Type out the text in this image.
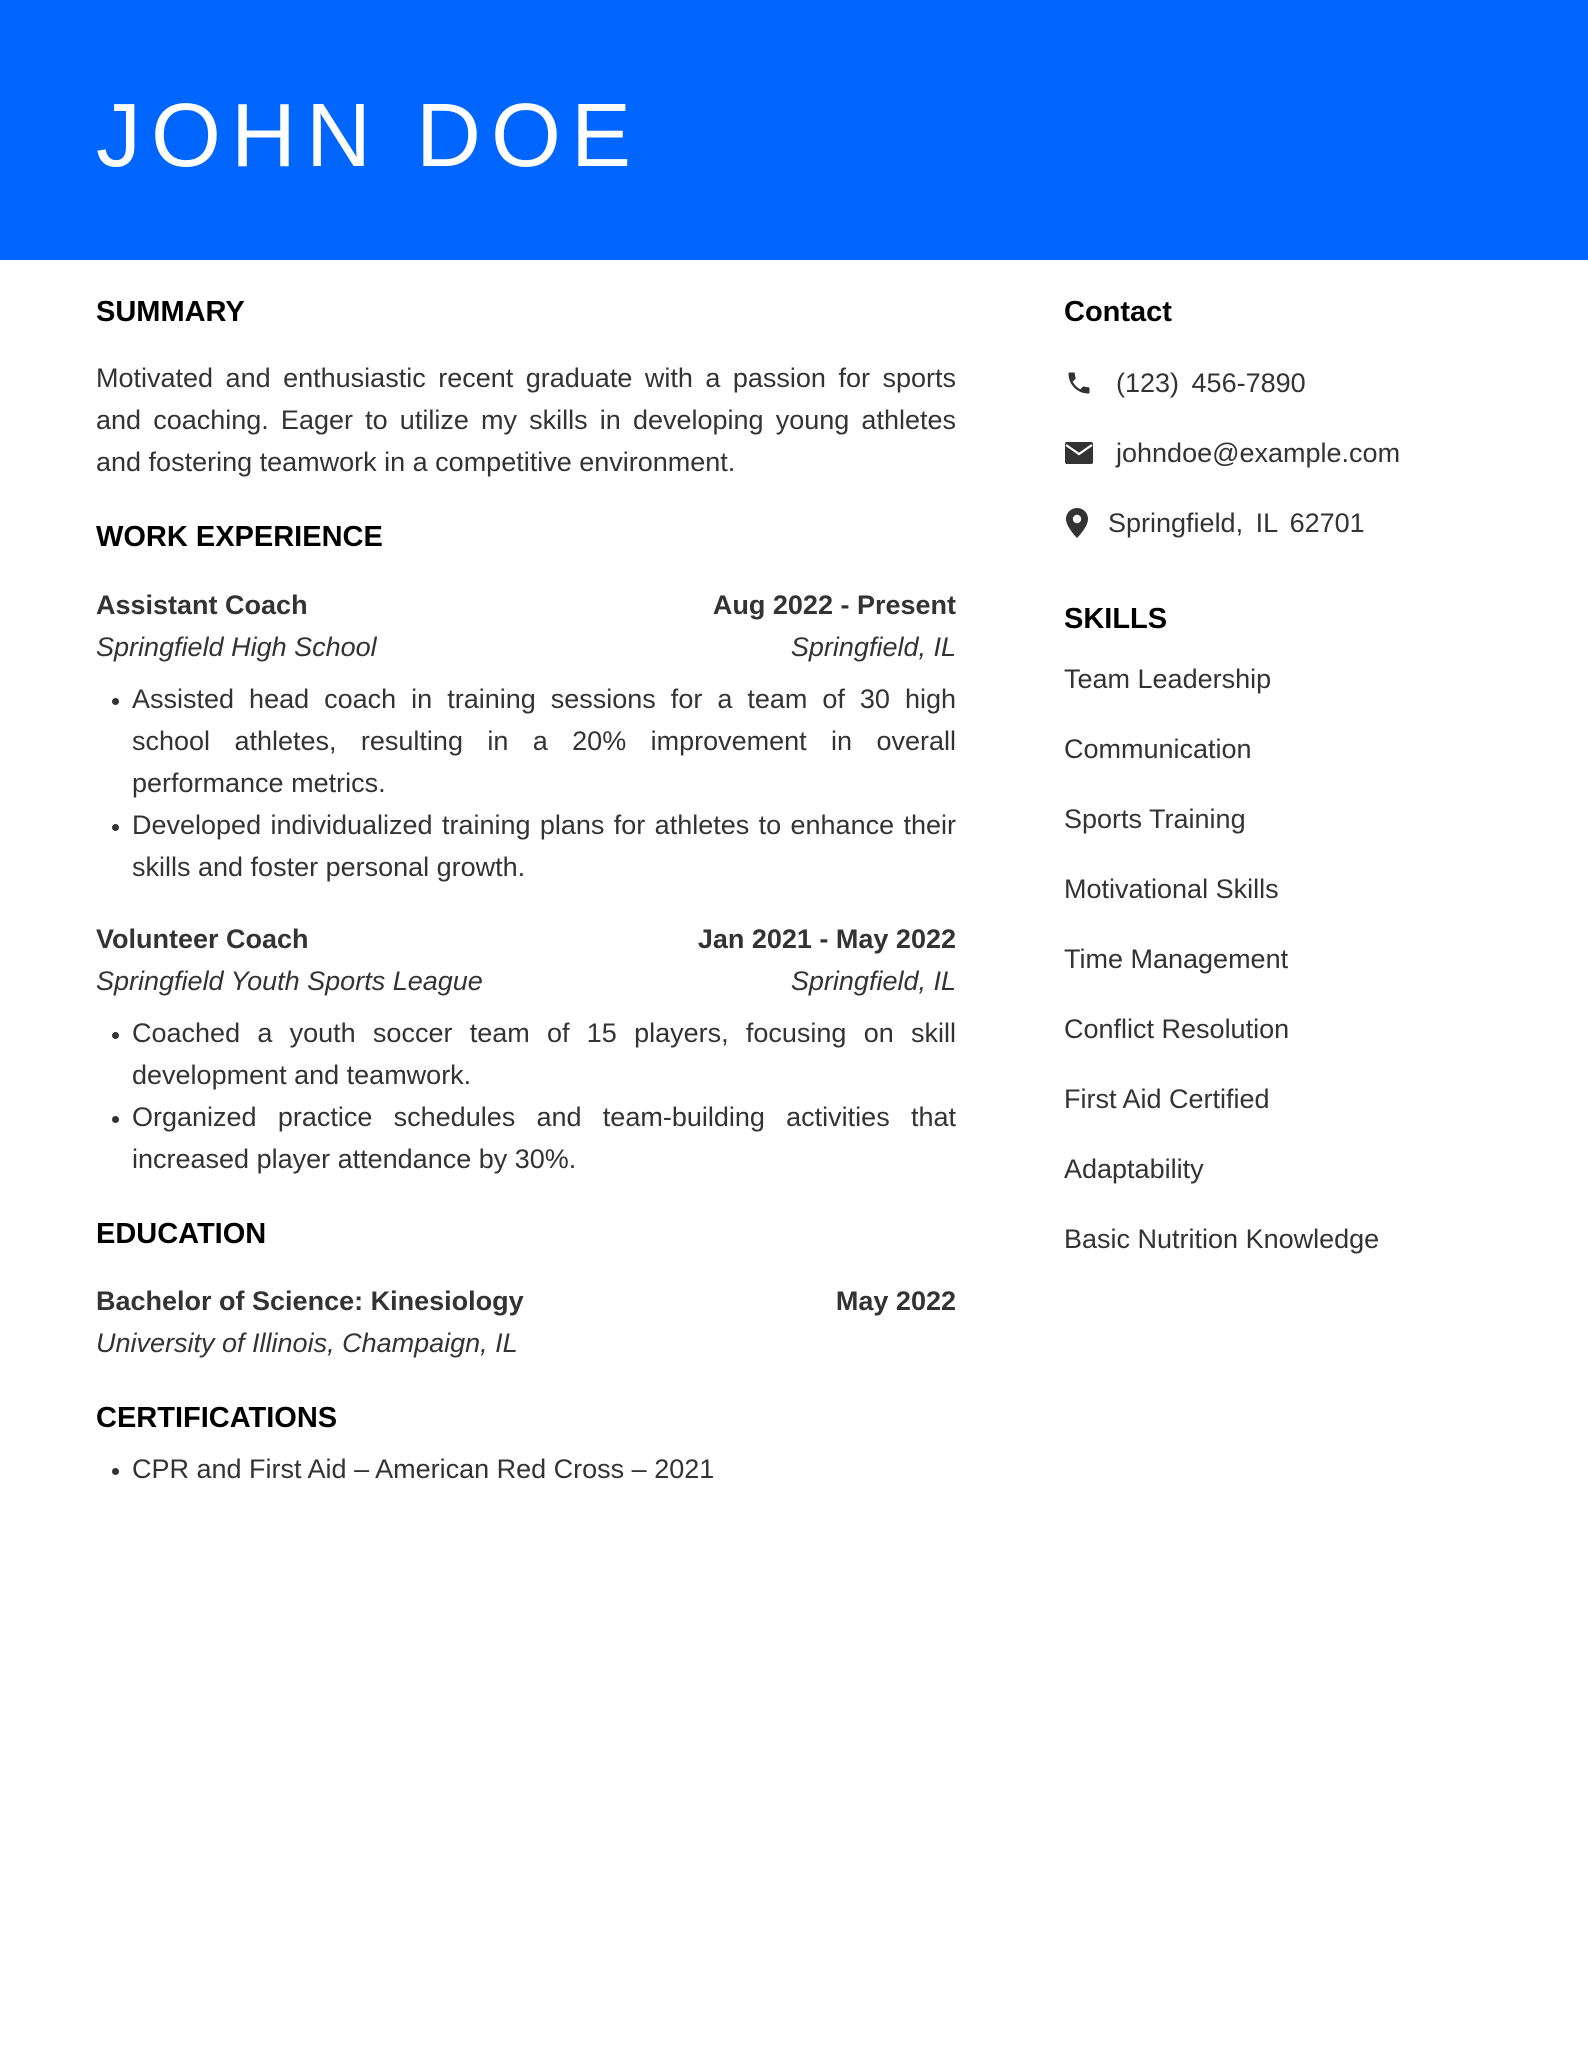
JOHN DOE
SUMMARY

Motivated and enthusiastic recent graduate with a passion for sports and coaching. Eager to utilize my skills in developing young athletes and fostering teamwork in a competitive environment.

WORK EXPERIENCE
Assistant Coach	Aug 2022 - Present
Springfield High School	Springfield, IL
• Assisted head coach in training sessions for a team of 30 high school athletes, resulting in a 20% improvement in overall performance metrics.
• Developed individualized training plans for athletes to enhance their skills and foster personal growth.
Volunteer Coach	Jan 2021 - May 2022
Springfield Youth Sports League	Springfield, IL
• Coached a youth soccer team of 15 players, focusing on skill development and teamwork.
• Organized practice schedules and team-building activities that increased player attendance by 30%.
EDUCATION
Bachelor of Science: Kinesiology	May 2022
University of Illinois, Champaign, IL
CERTIFICATIONS
• CPR and First Aid – American Red Cross – 2021
Contact
(123) 456-7890
johndoe@example.com
Springfield, IL 62701
SKILLS
Team Leadership
Communication
Sports Training
Motivational Skills
Time Management
Conflict Resolution
First Aid Certified
Adaptability
Basic Nutrition Knowledge
